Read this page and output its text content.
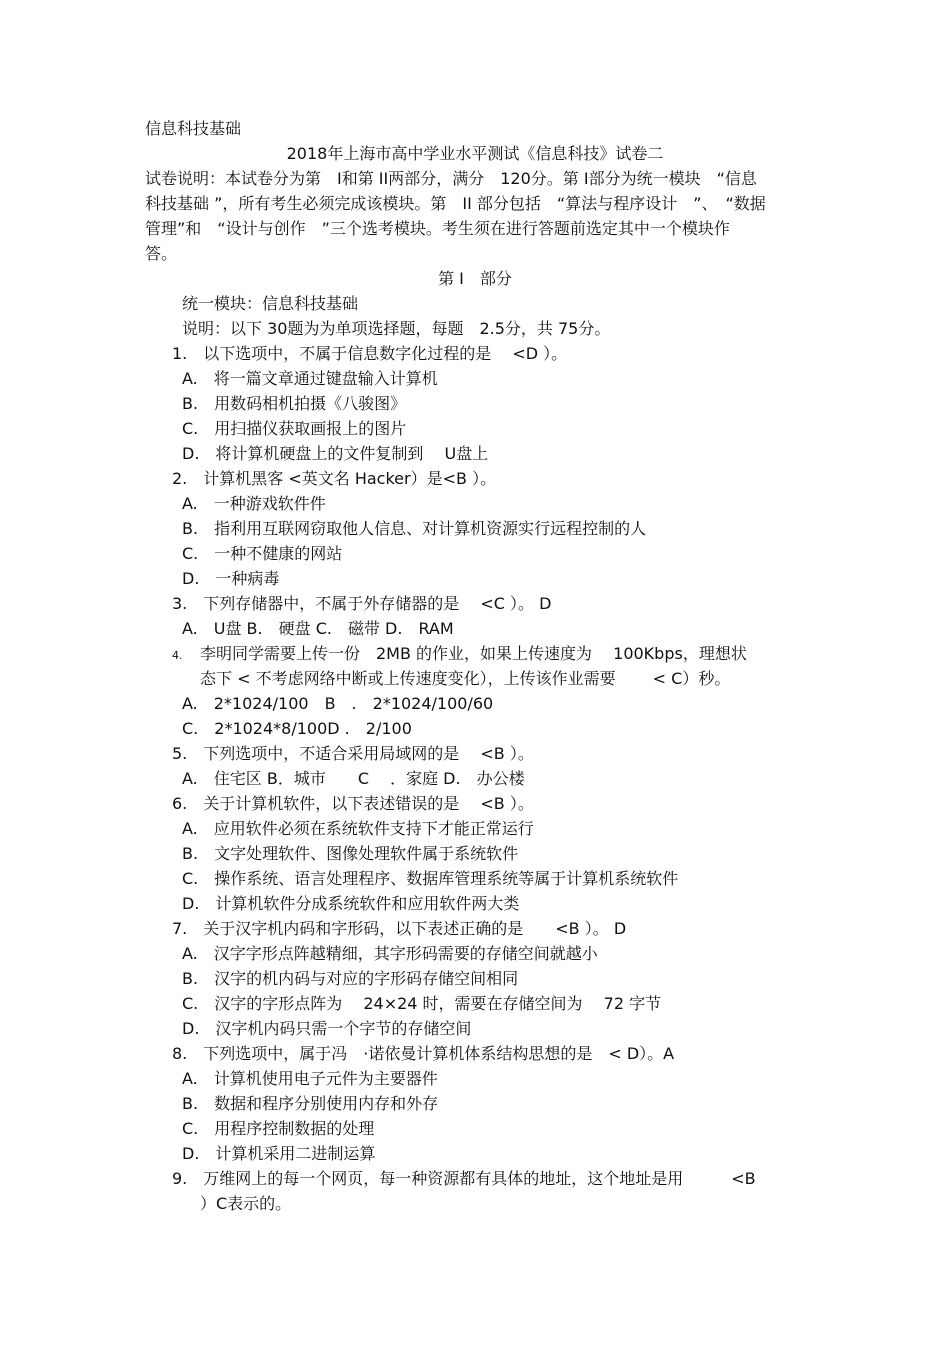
信息科技基础
2018年上海市高中学业水平测试《信息科技》试卷二
试卷说明：本试卷分为第　I和第 II两部分，满分　120分。第 I部分为统一模块　“信息
科技基础 ”，所有考生必须完成该模块。第　II 部分包括　“算法与程序设计　”、　“数据
管理”和　“设计与创作　”三个选考模块。考生须在进行答题前选定其中一个模块作
答。
第 I　部分
统一模块：信息科技基础
说明：以下 30题为为单项选择题，每题　2.5分，共 75分。
1.　以下选项中，不属于信息数字化过程的是　 <D ）。
A.　将一篇文章通过键盘输入计算机
B.　用数码相机拍摄《八骏图》
C.　用扫描仪获取画报上的图片
D.　将计算机硬盘上的文件复制到　 U盘上
2.　计算机黑客 <英文名 Hacker）是<B ）。
A.　一种游戏软件件
B.　指利用互联网窃取他人信息、对计算机资源实行远程控制的人
C.　一种不健康的网站
D.　一种病毒
3.　下列存储器中，不属于外存储器的是　 <C ）。 D
A.　U盘 B.　硬盘 C.　磁带 D.　RAM
4. 李明同学需要上传一份　2MB 的作业，如果上传速度为　 100Kbps，理想状
态下 < 不考虑网络中断或上传速度变化），上传该作业需要　　 < C）秒。
A.　2*1024/100　B　.　2*1024/100/60
C.　2*1024*8/100D .　2/100
5.　下列选项中，不适合采用局域网的是　 <B ）。
A.　住宅区 B．城市　　C　 ．家庭 D.　办公楼
6.　关于计算机软件，以下表述错误的是　 <B ）。
A.　应用软件必须在系统软件支持下才能正常运行
B.　文字处理软件、图像处理软件属于系统软件
C.　操作系统、语言处理程序、数据库管理系统等属于计算机系统软件
D.　计算机软件分成系统软件和应用软件两大类
7.　关于汉字机内码和字形码，以下表述正确的是　　<B ）。 D
A.　汉字字形点阵越精细，其字形码需要的存储空间就越小
B.　汉字的机内码与对应的字形码存储空间相同
C.　汉字的字形点阵为　 24×24 时，需要在存储空间为　 72 字节
D.　汉字机内码只需一个字节的存储空间
8.　下列选项中，属于冯　·诺依曼计算机体系结构思想的是　< D）。A
A.　计算机使用电子元件为主要器件
B.　数据和程序分别使用内存和外存
C.　用程序控制数据的处理
D.　计算机采用二进制运算
9.　万维网上的每一个网页，每一种资源都有具体的地址，这个地址是用　　　<B
）C表示的。
